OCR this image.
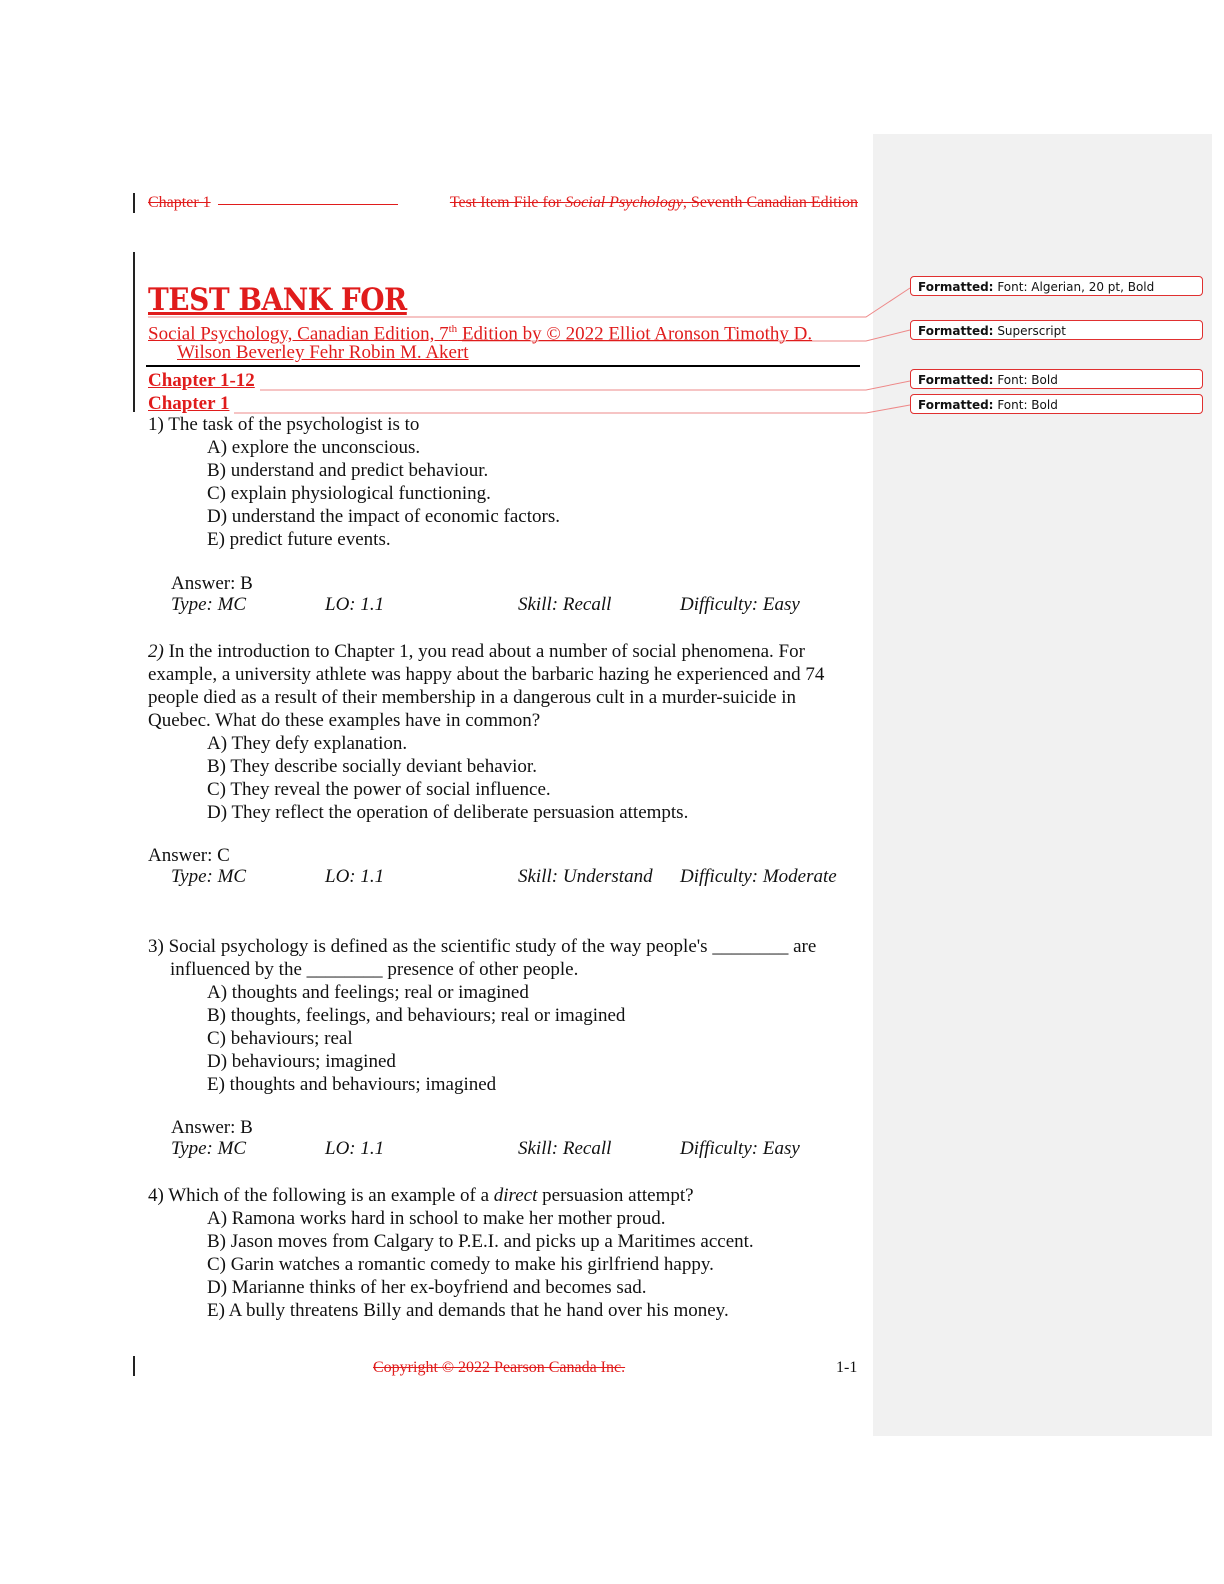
Formatted: Font: Algerian, 20 pt, Bold
Formatted: Superscript
Formatted: Font: Bold
Formatted: Font: Bold
Chapter 1	Test Item File for Social Psychology, Seventh Canadian Edition
TEST BANK FOR
Social Psychology, Canadian Edition, 7th Edition by © 2022 Elliot Aronson Timothy D.
Wilson Beverley Fehr Robin M. Akert
Chapter 1-12
Chapter 1
1) The task of the psychologist is to
A) explore the unconscious.
B) understand and predict behaviour.
C) explain physiological functioning.
D) understand the impact of economic factors.
E) predict future events.
Answer: B
Type: MC	LO: 1.1	Skill: Recall	Difficulty: Easy
2) In the introduction to Chapter 1, you read about a number of social phenomena. For example, a university athlete was happy about the barbaric hazing he experienced and 74 people died as a result of their membership in a dangerous cult in a murder-suicide in Quebec. What do these examples have in common?
A) They defy explanation.
B) They describe socially deviant behavior.
C) They reveal the power of social influence.
D) They reflect the operation of deliberate persuasion attempts.
Answer: C
Type: MC	LO: 1.1	Skill: Understand Difficulty: Moderate
3) Social psychology is defined as the scientific study of the way people's ________ are
influenced by the ________ presence of other people.
A) thoughts and feelings; real or imagined
B) thoughts, feelings, and behaviours; real or imagined
C) behaviours; real
D) behaviours; imagined
E) thoughts and behaviours; imagined
Answer: B
Type: MC	LO: 1.1	Skill: Recall	Difficulty: Easy
4) Which of the following is an example of a direct persuasion attempt?
A) Ramona works hard in school to make her mother proud.
B) Jason moves from Calgary to P.E.I. and picks up a Maritimes accent.
C) Garin watches a romantic comedy to make his girlfriend happy.
D) Marianne thinks of her ex-boyfriend and becomes sad.
E) A bully threatens Billy and demands that he hand over his money.
Copyright © 2022 Pearson Canada Inc.	1-1
